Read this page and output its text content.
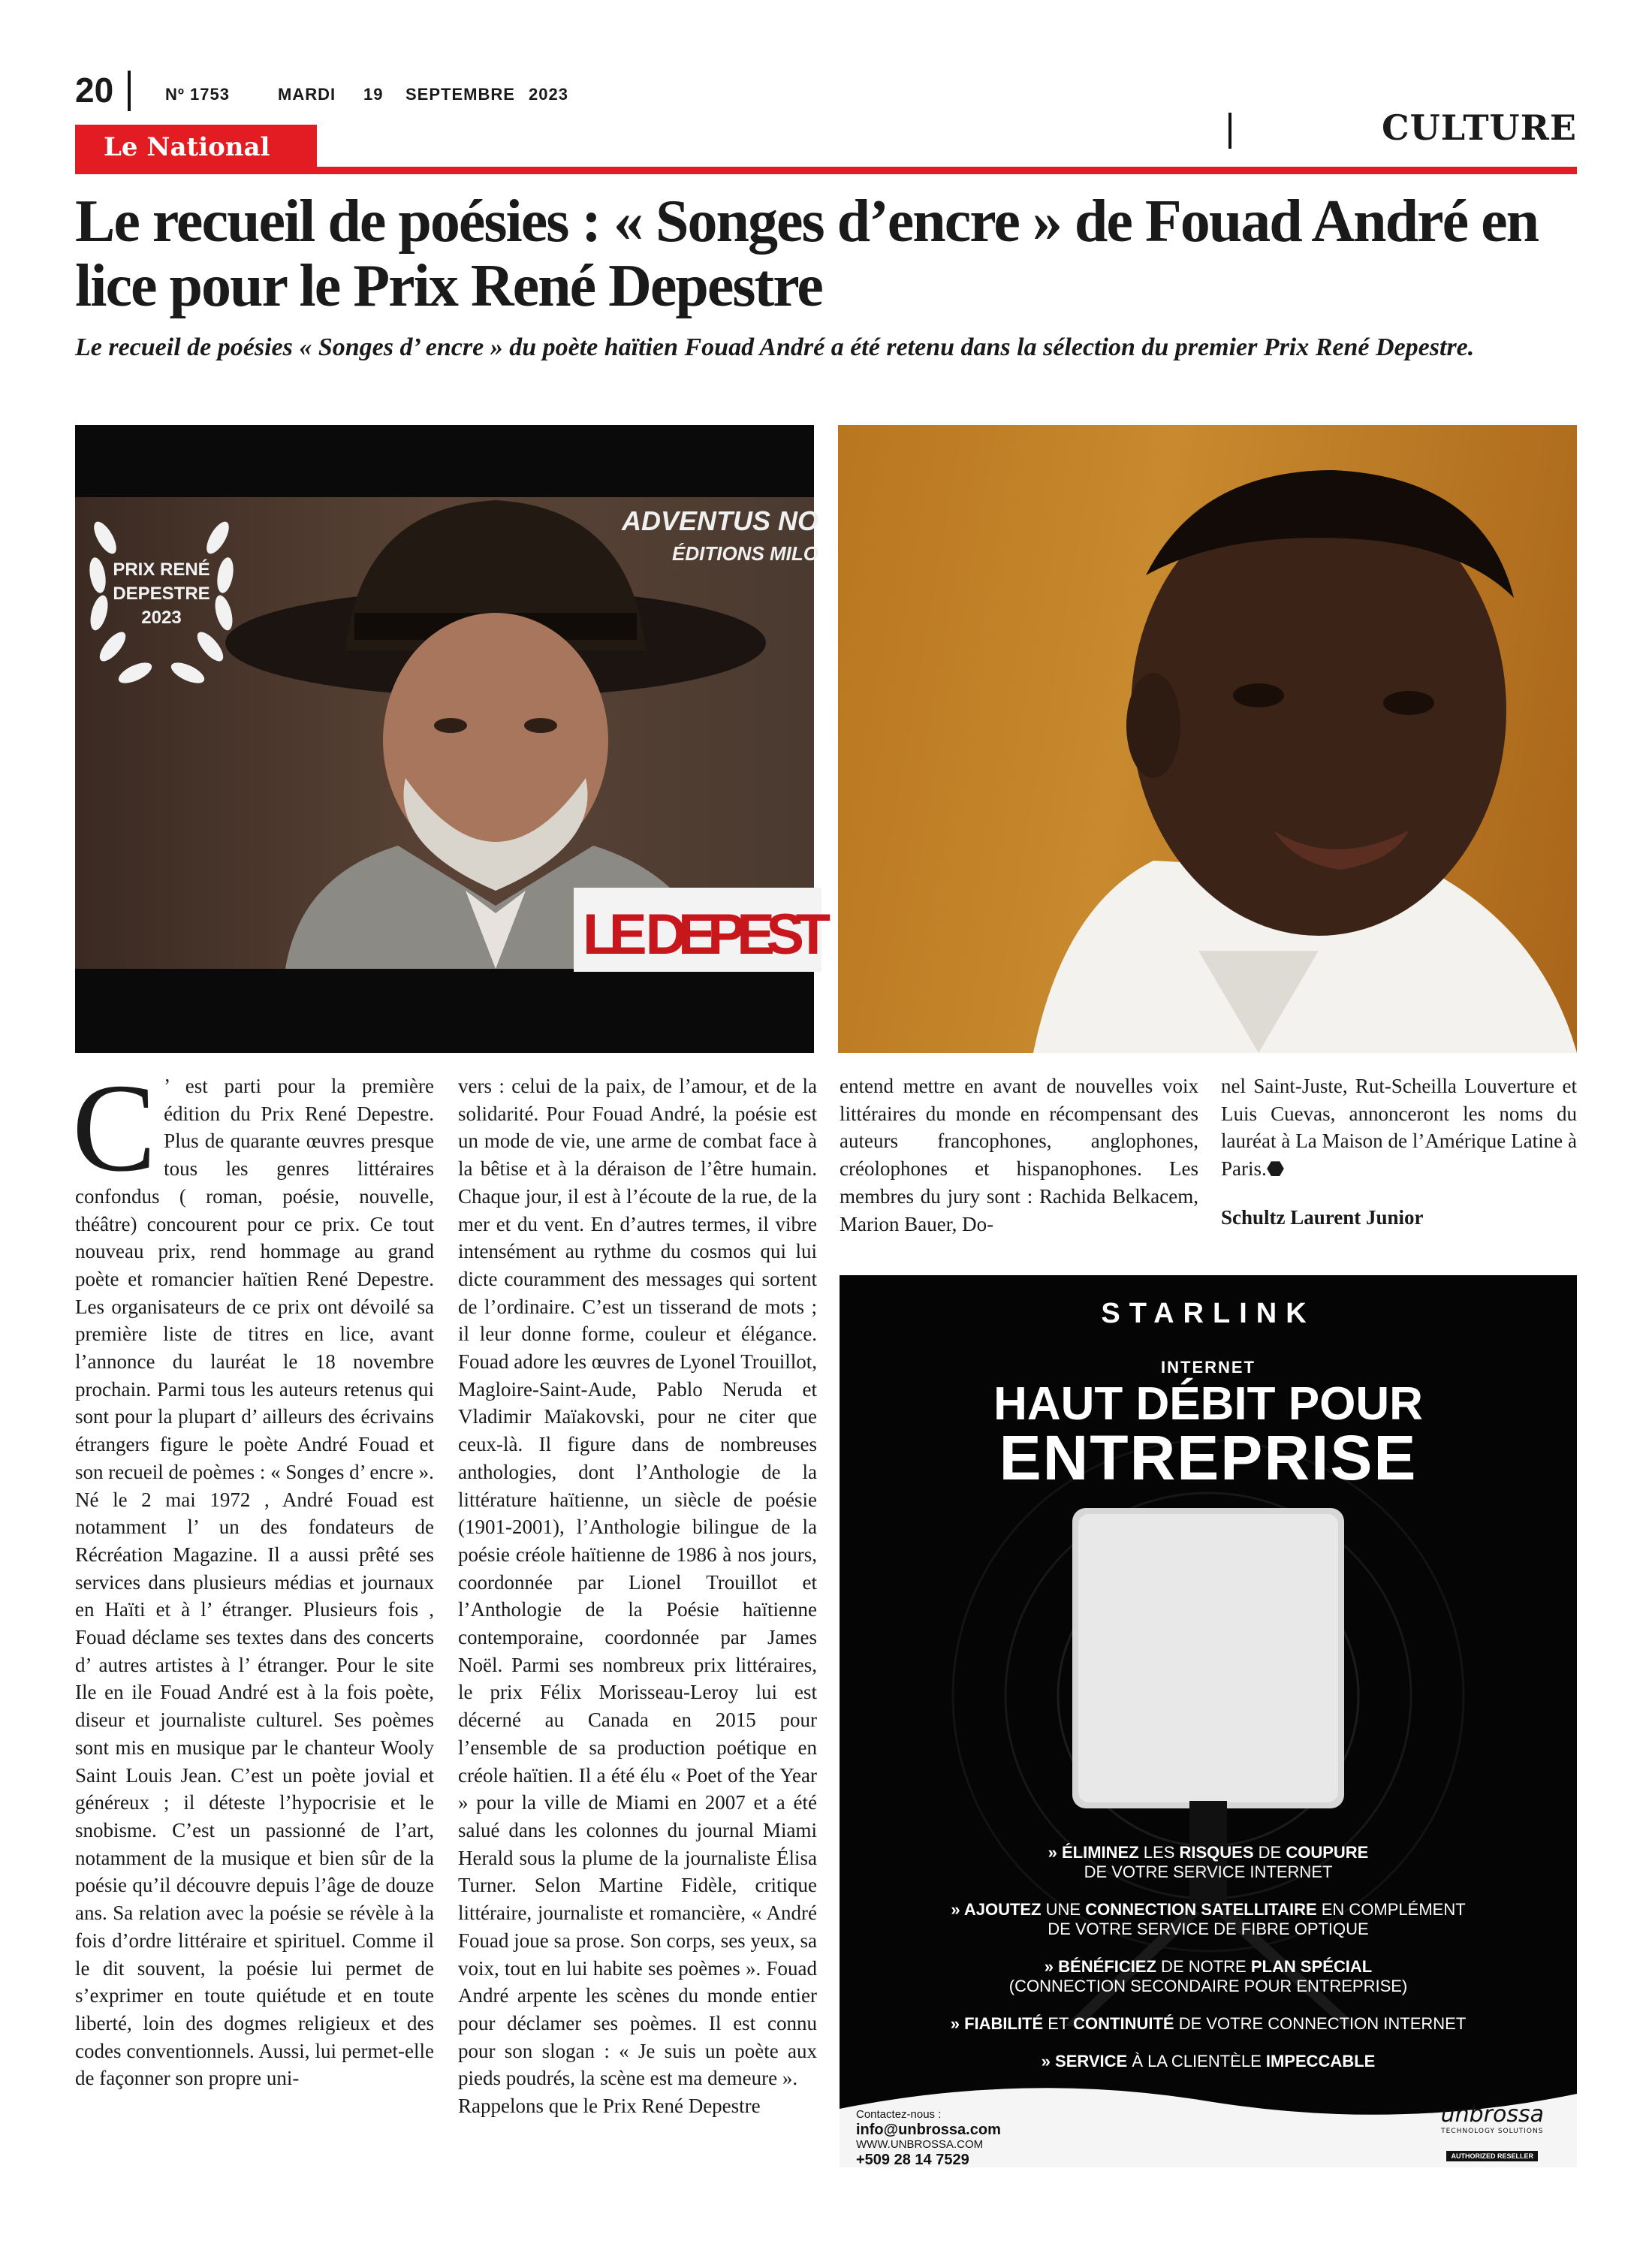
20	Nº 1753	MARDI 19 SEPTEMBRE 2023
CULTURE
Le National
Le recueil de poésies : « Songes d’encre » de Fouad André en lice pour le Prix René Depestre

Le recueil de poésies « Songes d’ encre » du poète haïtien Fouad André a été retenu dans la sélection du premier Prix René Depestre.

PRIX RENÉ
DEPESTRE
2023
ADVENTUS NO
ÉDITIONS MILO
LE DEPEST
C ’ est parti pour la première édition du Prix René Depestre. Plus de quarante œuvres presque tous les genres littéraires confondus ( roman, poésie, nouvelle, théâtre) concourent pour ce prix. Ce tout nouveau prix, rend hommage au grand poète et romancier haïtien René Depestre. Les organisateurs de ce prix ont dévoilé sa première liste de titres en lice, avant l’annonce du lauréat le 18 novembre prochain. Parmi tous les auteurs retenus qui sont pour la plupart d’ ailleurs des écrivains étrangers figure le poète André Fouad et son recueil de poèmes : « Songes d’ encre ».

Né le 2 mai 1972 , André Fouad est notamment l’ un des fondateurs de Récréation Magazine. Il a aussi prêté ses services dans plusieurs médias et journaux en Haïti et à l’ étranger. Plusieurs fois , Fouad déclame ses textes dans des concerts d’ autres artistes à l’ étranger. Pour le site Ile en ile Fouad André est à la fois poète, diseur et journaliste culturel. Ses poèmes sont mis en musique par le chanteur Wooly Saint Louis Jean. C’est un poète jovial et généreux ; il déteste l’hypocrisie et le snobisme. C’est un passionné de l’art, notamment de la musique et bien sûr de la poésie qu’il découvre depuis l’âge de douze ans. Sa relation avec la poésie se révèle à la fois d’ordre littéraire et spirituel. Comme il le dit souvent, la poésie lui permet de s’exprimer en toute quiétude et en toute liberté, loin des dogmes religieux et des codes conventionnels. Aussi, lui permet-elle de façonner son propre uni-

vers : celui de la paix, de l’amour, et de la solidarité. Pour Fouad André, la poésie est un mode de vie, une arme de combat face à la bêtise et à la déraison de l’être humain. Chaque jour, il est à l’écoute de la rue, de la mer et du vent. En d’autres termes, il vibre intensément au rythme du cosmos qui lui dicte couramment des messages qui sortent de l’ordinaire. C’est un tisserand de mots ; il leur donne forme, couleur et élégance. Fouad adore les œuvres de Lyonel Trouillot, Magloire-Saint-Aude, Pablo Neruda et Vladimir Maïakovski, pour ne citer que ceux-là. Il figure dans de nombreuses anthologies, dont l’Anthologie de la littérature haïtienne, un siècle de poésie (1901-2001), l’Anthologie bilingue de la poésie créole haïtienne de 1986 à nos jours, coordonnée par Lionel Trouillot et l’Anthologie de la Poésie haïtienne contemporaine, coordonnée par James Noël. Parmi ses nombreux prix littéraires, le prix Félix Morisseau-Leroy lui est décerné au Canada en 2015 pour l’ensemble de sa production poétique en créole haïtien. Il a été élu « Poet of the Year » pour la ville de Miami en 2007 et a été salué dans les colonnes du journal Miami Herald sous la plume de la journaliste Élisa Turner. Selon Martine Fidèle, critique littéraire, journaliste et romancière, « André Fouad joue sa prose. Son corps, ses yeux, sa voix, tout en lui habite ses poèmes ». Fouad André arpente les scènes du monde entier pour déclamer ses poèmes. Il est connu pour son slogan : « Je suis un poète aux pieds poudrés, la scène est ma demeure ».

Rappelons que le Prix René Depestre

entend mettre en avant de nouvelles voix littéraires du monde en récompensant des auteurs francophones, anglophones, créolophones et hispanophones. Les membres du jury sont : Rachida Belkacem, Marion Bauer, Do-

nel Saint-Juste, Rut-Scheilla Louverture et Luis Cuevas, annonceront les noms du lauréat à La Maison de l’Amérique Latine à Paris.⬣

Schultz Laurent Junior

STARLINK
INTERNET
HAUT DÉBIT POUR
ENTREPRISE
» ÉLIMINEZ LES RISQUES DE COUPURE
DE VOTRE SERVICE INTERNET
» AJOUTEZ UNE CONNECTION SATELLITAIRE EN COMPLÉMENT
DE VOTRE SERVICE DE FIBRE OPTIQUE
» BÉNÉFICIEZ DE NOTRE PLAN SPÉCIAL
(CONNECTION SECONDAIRE POUR ENTREPRISE)
» FIABILITÉ ET CONTINUITÉ DE VOTRE CONNECTION INTERNET
» SERVICE À LA CLIENTÈLE IMPECCABLE
Contactez-nous :
info@unbrossa.com
WWW.UNBROSSA.COM
+509 28 14 7529
unbrossa
TECHNOLOGY SOLUTIONS
AUTHORIZED RESELLER
